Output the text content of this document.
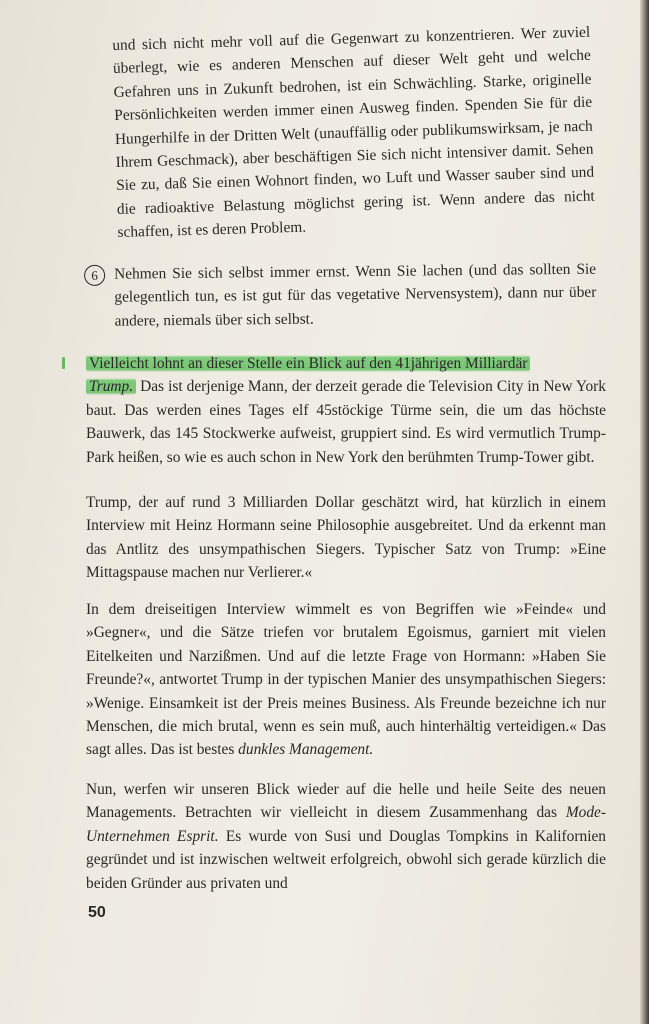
und sich nicht mehr voll auf die Gegenwart zu konzentrieren. Wer zuviel überlegt, wie es anderen Menschen auf dieser Welt geht und welche Gefahren uns in Zukunft bedrohen, ist ein Schwächling. Starke, originelle Persönlichkeiten werden immer einen Ausweg finden. Spenden Sie für die Hungerhilfe in der Dritten Welt (unauffällig oder publikumswirksam, je nach Ihrem Geschmack), aber beschäftigen Sie sich nicht intensiver damit. Sehen Sie zu, daß Sie einen Wohnort finden, wo Luft und Wasser sauber sind und die radioaktive Belastung möglichst gering ist. Wenn andere das nicht schaffen, ist es deren Problem.

6	Nehmen Sie sich selbst immer ernst. Wenn Sie lachen (und das sollten Sie gelegentlich tun, es ist gut für das vegetative Nervensystem), dann nur über andere, niemals über sich selbst.

Vielleicht lohnt an dieser Stelle ein Blick auf den 41jährigen Milliardär
Trump. Das ist derjenige Mann, der derzeit gerade die Television City in New York baut. Das werden eines Tages elf 45stöckige Türme sein, die um das höchste Bauwerk, das 145 Stockwerke aufweist, gruppiert sind. Es wird vermutlich Trump-Park heißen, so wie es auch schon in New York den berühmten Trump-Tower gibt.

Trump, der auf rund 3 Milliarden Dollar geschätzt wird, hat kürzlich in einem Interview mit Heinz Hormann seine Philosophie ausgebreitet. Und da erkennt man das Antlitz des unsympathischen Siegers. Typischer Satz von Trump: »Eine Mittagspause machen nur Verlierer.«

In dem dreiseitigen Interview wimmelt es von Begriffen wie »Feinde« und »Gegner«, und die Sätze triefen vor brutalem Egoismus, garniert mit vielen Eitelkeiten und Narzißmen. Und auf die letzte Frage von Hormann: »Haben Sie Freunde?«, antwortet Trump in der typischen Manier des unsympathischen Siegers: »Wenige. Einsamkeit ist der Preis meines Business. Als Freunde bezeichne ich nur Menschen, die mich brutal, wenn es sein muß, auch hinterhältig verteidigen.« Das sagt alles. Das ist bestes dunkles Management.

Nun, werfen wir unseren Blick wieder auf die helle und heile Seite des neuen Managements. Betrachten wir vielleicht in diesem Zusammenhang das Mode-Unternehmen Esprit. Es wurde von Susi und Douglas Tompkins in Kalifornien gegründet und ist inzwischen weltweit erfolgreich, obwohl sich gerade kürzlich die beiden Gründer aus privaten und

50
